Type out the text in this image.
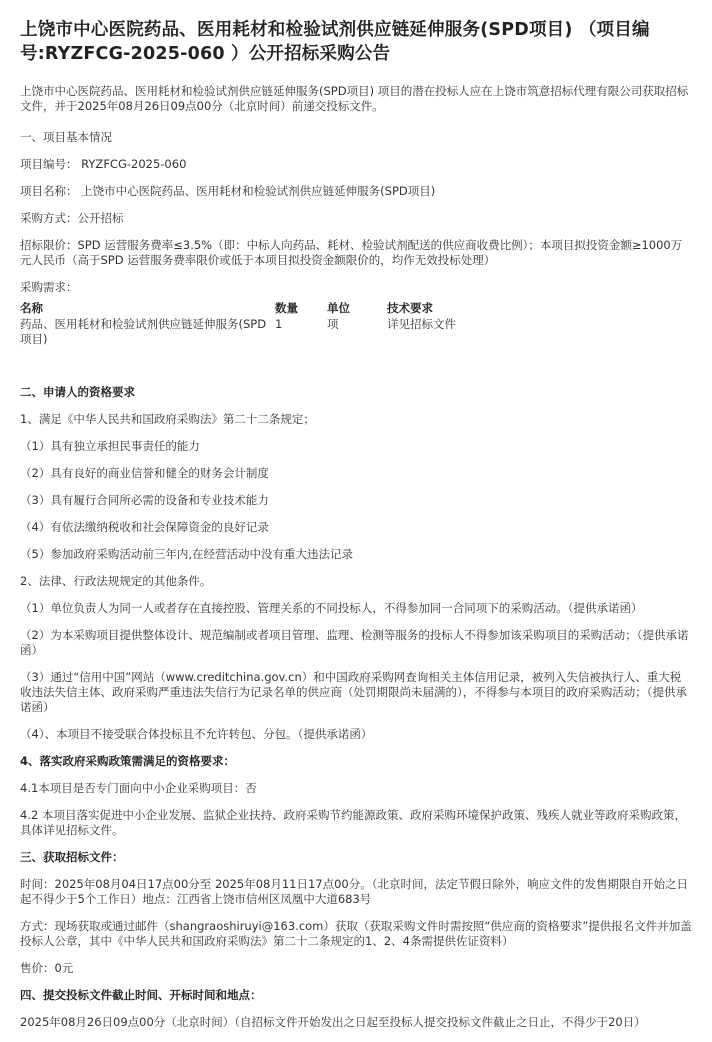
上饶市中心医院药品、医用耗材和检验试剂供应链延伸服务(SPD项目) （项目编号:RYZFCG-2025-060 ）公开招标采购公告

上饶市中心医院药品、医用耗材和检验试剂供应链延伸服务(SPD项目) 项目的潜在投标人应在上饶市筑意招标代理有限公司获取招标文件，并于2025年08月26日09点00分（北京时间）前递交投标文件。

一、项目基本情况

项目编号： RYZFCG-2025-060

项目名称： 上饶市中心医院药品、医用耗材和检验试剂供应链延伸服务(SPD项目)

采购方式：公开招标

招标限价：SPD 运营服务费率≤3.5%（即：中标人向药品、耗材、检验试剂配送的供应商收费比例）；本项目拟投资金额≥1000万元人民币（高于SPD 运营服务费率限价或低于本项目拟投资金额限价的，均作无效投标处理）

采购需求：

名称	数量	单位	技术要求
药品、医用耗材和检验试剂供应链延伸服务(SPD项目)	1	项	详见招标文件

二、申请人的资格要求

1、满足《中华人民共和国政府采购法》第二十二条规定；

（1）具有独立承担民事责任的能力

（2）具有良好的商业信誉和健全的财务会计制度

（3）具有履行合同所必需的设备和专业技术能力

（4）有依法缴纳税收和社会保障资金的良好记录

（5）参加政府采购活动前三年内,在经营活动中没有重大违法记录

2、法律、行政法规规定的其他条件。

（1）单位负责人为同一人或者存在直接控股、管理关系的不同投标人，不得参加同一合同项下的采购活动。（提供承诺函）

（2）为本采购项目提供整体设计、规范编制或者项目管理、监理、检测等服务的投标人不得参加该采购项目的采购活动；（提供承诺函）

（3）通过“信用中国”网站（www.creditchina.gov.cn）和中国政府采购网查询相关主体信用记录，被列入失信被执行人、重大税收违法失信主体、政府采购严重违法失信行为记录名单的供应商（处罚期限尚未届满的），不得参与本项目的政府采购活动；（提供承诺函）

（4）、本项目不接受联合体投标且不允许转包、分包。（提供承诺函）

4、落实政府采购政策需满足的资格要求：

4.1本项目是否专门面向中小企业采购项目：否

4.2 本项目落实促进中小企业发展、监狱企业扶持、政府采购节约能源政策、政府采购环境保护政策、残疾人就业等政府采购政策，具体详见招标文件。

三、获取招标文件：

时间：2025年08月04日17点00分至 2025年08月11日17点00分。（北京时间，法定节假日除外，响应文件的发售期限自开始之日起不得少于5个工作日）地点：江西省上饶市信州区凤凰中大道683号

方式：现场获取或通过邮件（shangraoshiruyi@163.com）获取（获取采购文件时需按照“供应商的资格要求”提供报名文件并加盖投标人公章，其中《中华人民共和国政府采购法》第二十二条规定的1、2、4条需提供佐证资料）

售价：0元

四、提交投标文件截止时间、开标时间和地点：

2025年08月26日09点00分（北京时间）（自招标文件开始发出之日起至投标人提交投标文件截止之日止，不得少于20日）
